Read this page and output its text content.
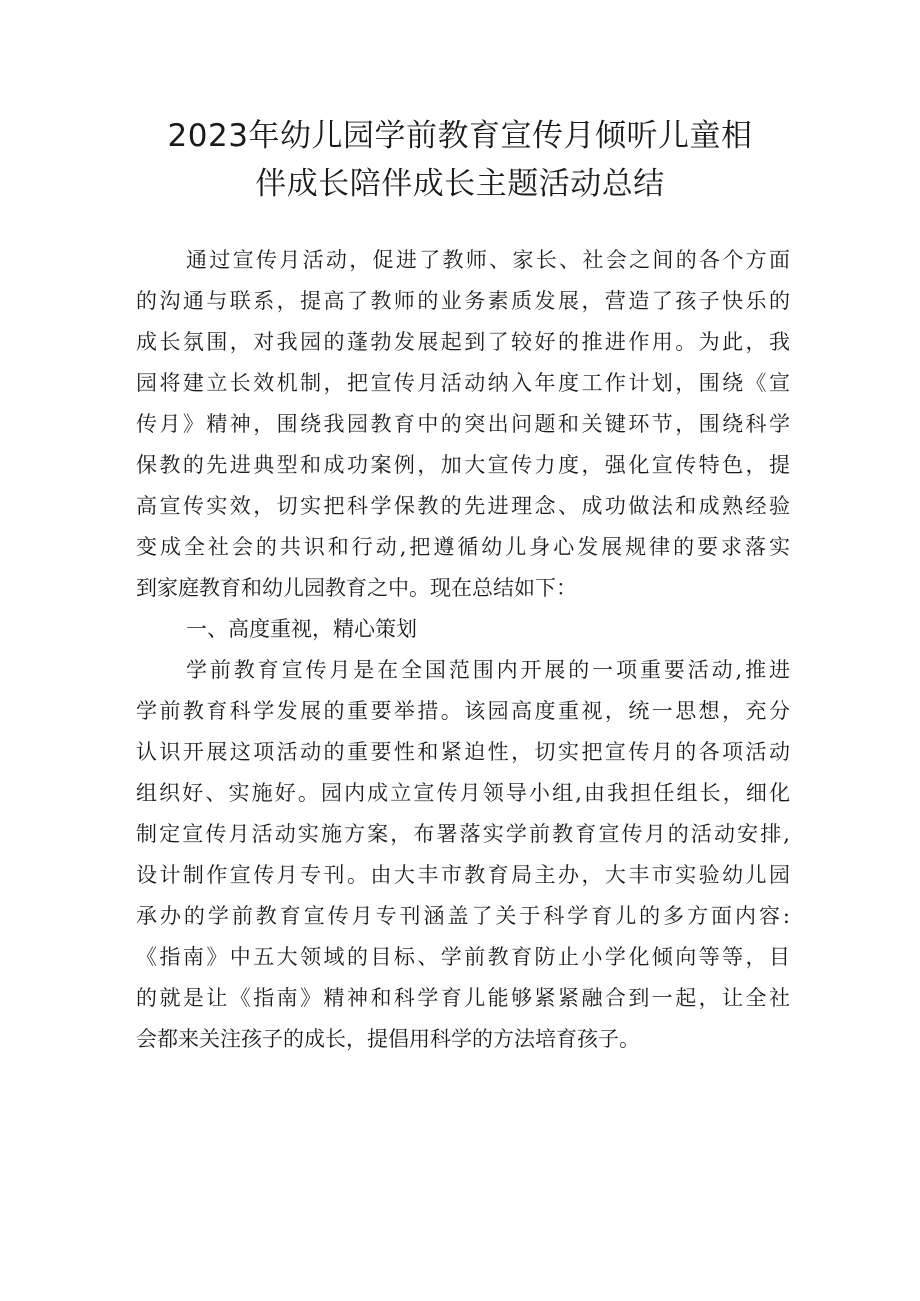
2023年幼儿园学前教育宣传月倾听儿童相
伴成长陪伴成长主题活动总结
通过宣传月活动，促进了教师、家长、社会之间的各个方面
的沟通与联系，提高了教师的业务素质发展，营造了孩子快乐的
成长氛围，对我园的蓬勃发展起到了较好的推进作用。为此，我
园将建立长效机制，把宣传月活动纳入年度工作计划，围绕《宣
传月》精神，围绕我园教育中的突出问题和关键环节，围绕科学
保教的先进典型和成功案例，加大宣传力度，强化宣传特色，提
高宣传实效，切实把科学保教的先进理念、成功做法和成熟经验
变成全社会的共识和行动,把遵循幼儿身心发展规律的要求落实
到家庭教育和幼儿园教育之中。现在总结如下：
一、高度重视，精心策划
学前教育宣传月是在全国范围内开展的一项重要活动,推进
学前教育科学发展的重要举措。该园高度重视，统一思想，充分
认识开展这项活动的重要性和紧迫性，切实把宣传月的各项活动
组织好、实施好。园内成立宣传月领导小组,由我担任组长，细化
制定宣传月活动实施方案，布署落实学前教育宣传月的活动安排,
设计制作宣传月专刊。由大丰市教育局主办，大丰市实验幼儿园
承办的学前教育宣传月专刊涵盖了关于科学育儿的多方面内容:
《指南》中五大领域的目标、学前教育防止小学化倾向等等，目
的就是让《指南》精神和科学育儿能够紧紧融合到一起，让全社
会都来关注孩子的成长，提倡用科学的方法培育孩子。
